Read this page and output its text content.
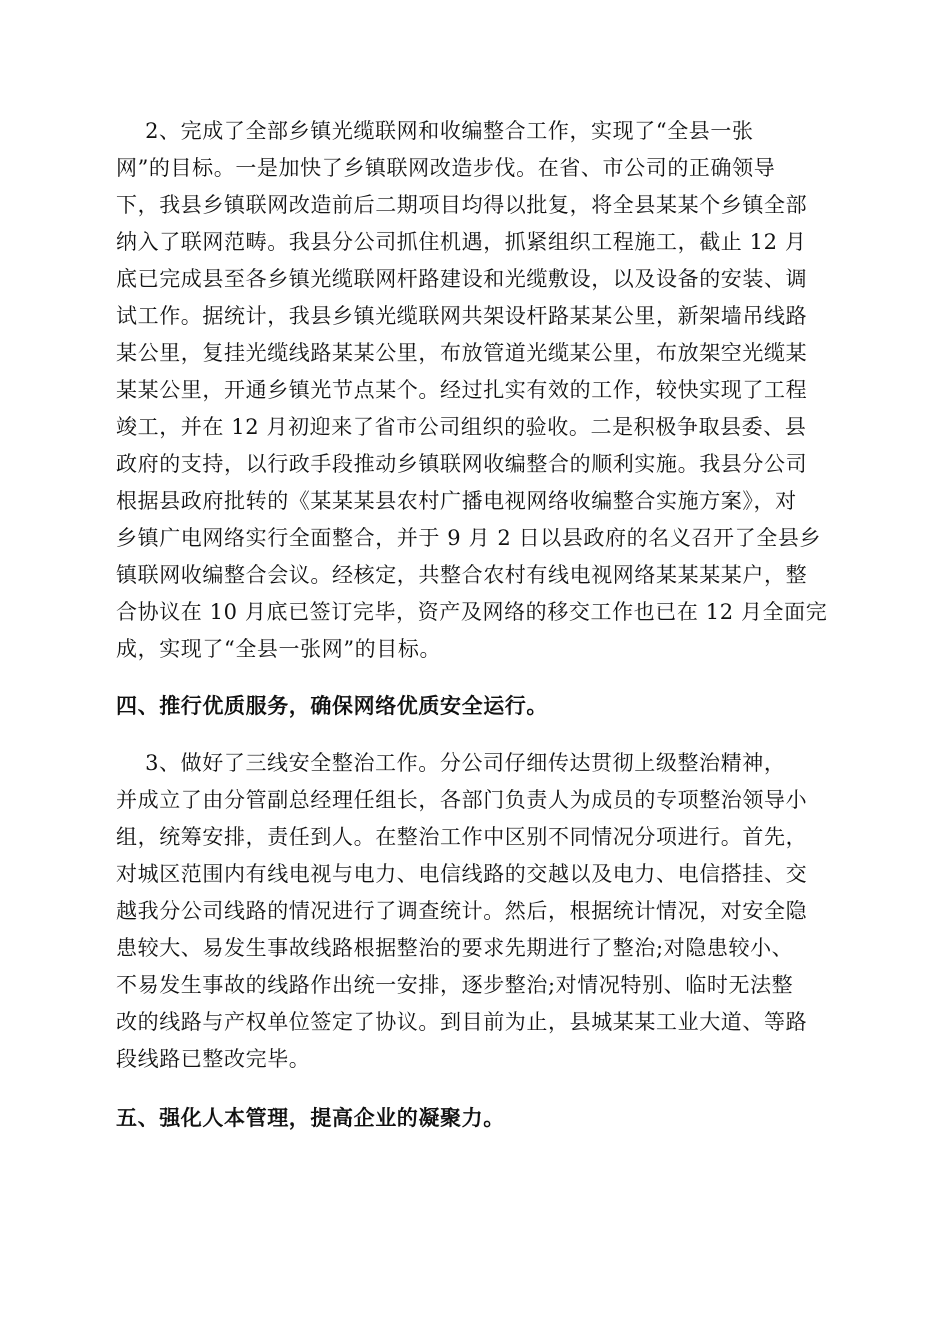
2、完成了全部乡镇光缆联网和收编整合工作，实现了“全县一张
网”的目标。一是加快了乡镇联网改造步伐。在省、市公司的正确领导
下，我县乡镇联网改造前后二期项目均得以批复，将全县某某个乡镇全部
纳入了联网范畴。我县分公司抓住机遇，抓紧组织工程施工，截止 12 月
底已完成县至各乡镇光缆联网杆路建设和光缆敷设，以及设备的安装、调
试工作。据统计，我县乡镇光缆联网共架设杆路某某公里，新架墙吊线路
某公里，复挂光缆线路某某公里，布放管道光缆某公里，布放架空光缆某
某某公里，开通乡镇光节点某个。经过扎实有效的工作，较快实现了工程
竣工，并在 12 月初迎来了省市公司组织的验收。二是积极争取县委、县
政府的支持，以行政手段推动乡镇联网收编整合的顺利实施。我县分公司
根据县政府批转的《某某某县农村广播电视网络收编整合实施方案》，对
乡镇广电网络实行全面整合，并于 9 月 2 日以县政府的名义召开了全县乡
镇联网收编整合会议。经核定，共整合农村有线电视网络某某某某户，整
合协议在 10 月底已签订完毕，资产及网络的移交工作也已在 12 月全面完
成，实现了“全县一张网”的目标。
四、推行优质服务，确保网络优质安全运行。
3、做好了三线安全整治工作。分公司仔细传达贯彻上级整治精神，
并成立了由分管副总经理任组长，各部门负责人为成员的专项整治领导小
组，统筹安排，责任到人。在整治工作中区别不同情况分项进行。首先，
对城区范围内有线电视与电力、电信线路的交越以及电力、电信搭挂、交
越我分公司线路的情况进行了调查统计。然后，根据统计情况，对安全隐
患较大、易发生事故线路根据整治的要求先期进行了整治;对隐患较小、
不易发生事故的线路作出统一安排，逐步整治;对情况特别、临时无法整
改的线路与产权单位签定了协议。到目前为止，县城某某工业大道、等路
段线路已整改完毕。
五、强化人本管理，提高企业的凝聚力。
